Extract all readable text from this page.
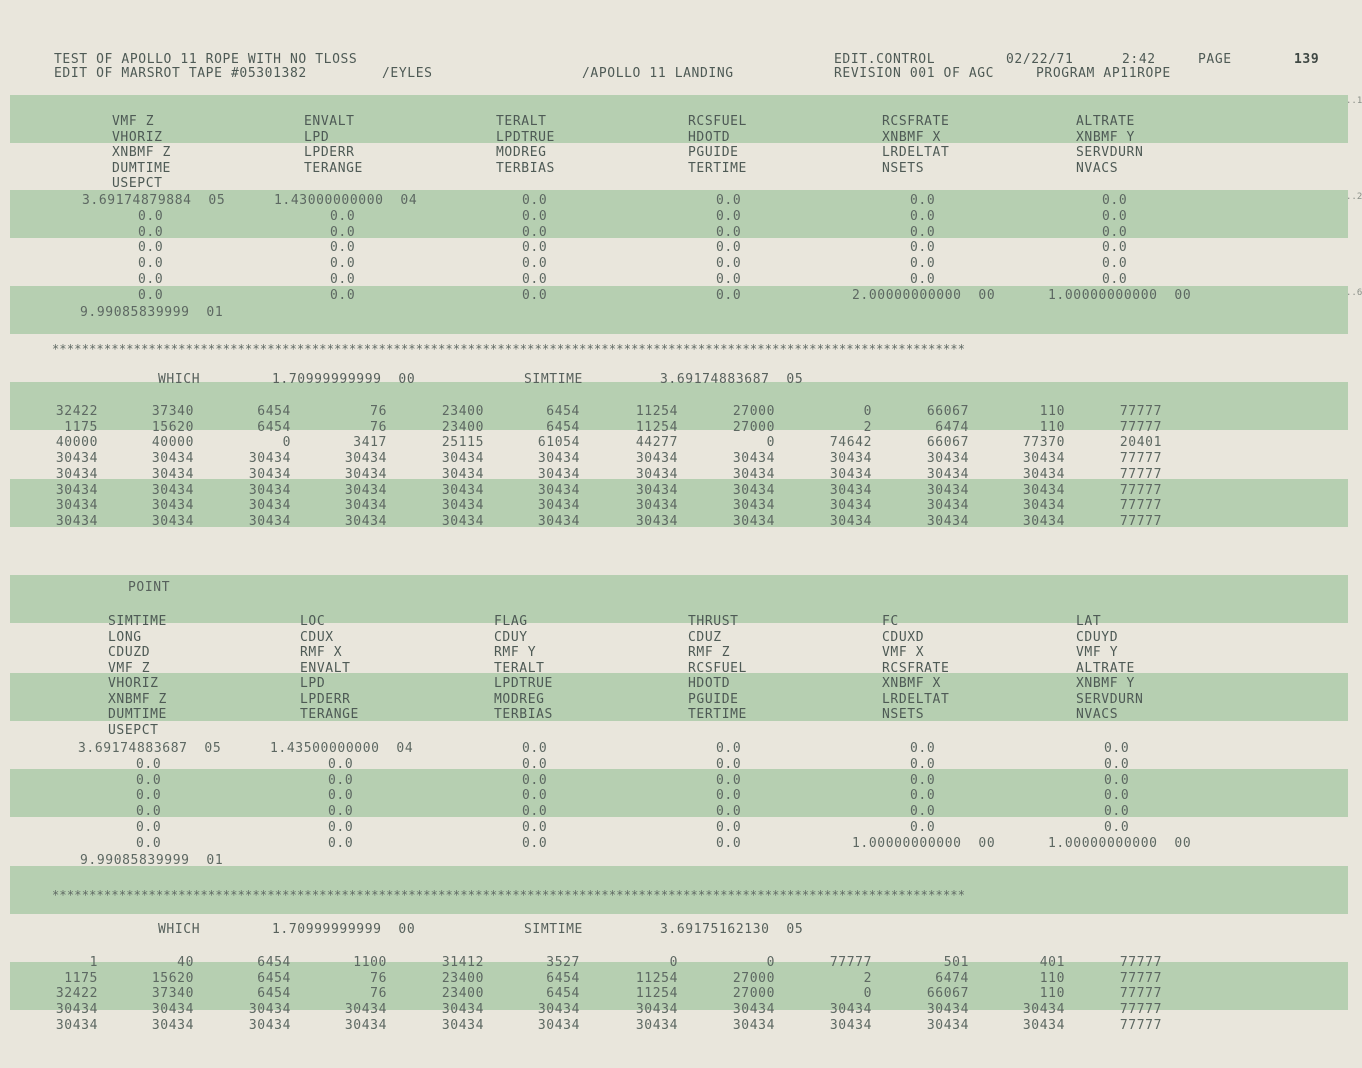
TEST OF APOLLO 11 ROPE WITH NO TLOSS
EDIT OF MARSROT TAPE #05301382	/EYLES	/APOLLO 11 LANDING
EDIT.CONTROL	02/22/71	2:42	PAGE	139
REVISION 001 OF AGC	PROGRAM AP11ROPE
..1
..2
..6
VMF Z	ENVALT	TERALT	RCSFUEL	RCSFRATE	ALTRATE
VHORIZ	LPD	LPDTRUE	HDOTD	XNBMF X	XNBMF Y
XNBMF Z	LPDERR	MODREG	PGUIDE	LRDELTAT	SERVDURN
DUMTIME	TERANGE	TERBIAS	TERTIME	NSETS	NVACS
USEPCT
3.69174879884  05	1.43000000000  04	0.0	0.0	0.0	0.0
0.0	0.0	0.0	0.0	0.0	0.0
0.0	0.0	0.0	0.0	0.0	0.0
0.0	0.0	0.0	0.0	0.0	0.0
0.0	0.0	0.0	0.0	0.0	0.0
0.0	0.0	0.0	0.0	0.0	0.0
0.0	0.0	0.0	0.0	2.00000000000  00	1.00000000000  00
9.99085839999  01
***************************************************************************************************************************
WHICH	1.70999999999  00	SIMTIME	3.69174883687  05
32422	37340	6454	76	23400	6454	11254	27000	0	66067	110	77777
1175	15620	6454	76	23400	6454	11254	27000	2	6474	110	77777
40000	40000	0	3417	25115	61054	44277	0	74642	66067	77370	20401
30434	30434	30434	30434	30434	30434	30434	30434	30434	30434	30434	77777
30434	30434	30434	30434	30434	30434	30434	30434	30434	30434	30434	77777
30434	30434	30434	30434	30434	30434	30434	30434	30434	30434	30434	77777
30434	30434	30434	30434	30434	30434	30434	30434	30434	30434	30434	77777
30434	30434	30434	30434	30434	30434	30434	30434	30434	30434	30434	77777
POINT
SIMTIME	LOC	FLAG	THRUST	FC	LAT
LONG	CDUX	CDUY	CDUZ	CDUXD	CDUYD
CDUZD	RMF X	RMF Y	RMF Z	VMF X	VMF Y
VMF Z	ENVALT	TERALT	RCSFUEL	RCSFRATE	ALTRATE
VHORIZ	LPD	LPDTRUE	HDOTD	XNBMF X	XNBMF Y
XNBMF Z	LPDERR	MODREG	PGUIDE	LRDELTAT	SERVDURN
DUMTIME	TERANGE	TERBIAS	TERTIME	NSETS	NVACS
USEPCT
3.69174883687  05	1.43500000000  04	0.0	0.0	0.0	0.0
0.0	0.0	0.0	0.0	0.0	0.0
0.0	0.0	0.0	0.0	0.0	0.0
0.0	0.0	0.0	0.0	0.0	0.0
0.0	0.0	0.0	0.0	0.0	0.0
0.0	0.0	0.0	0.0	0.0	0.0
0.0	0.0	0.0	0.0	1.00000000000  00	1.00000000000  00
9.99085839999  01
***************************************************************************************************************************
WHICH	1.70999999999  00	SIMTIME	3.69175162130  05
1	40	6454	1100	31412	3527	0	0	77777	501	401	77777
1175	15620	6454	76	23400	6454	11254	27000	2	6474	110	77777
32422	37340	6454	76	23400	6454	11254	27000	0	66067	110	77777
30434	30434	30434	30434	30434	30434	30434	30434	30434	30434	30434	77777
30434	30434	30434	30434	30434	30434	30434	30434	30434	30434	30434	77777
